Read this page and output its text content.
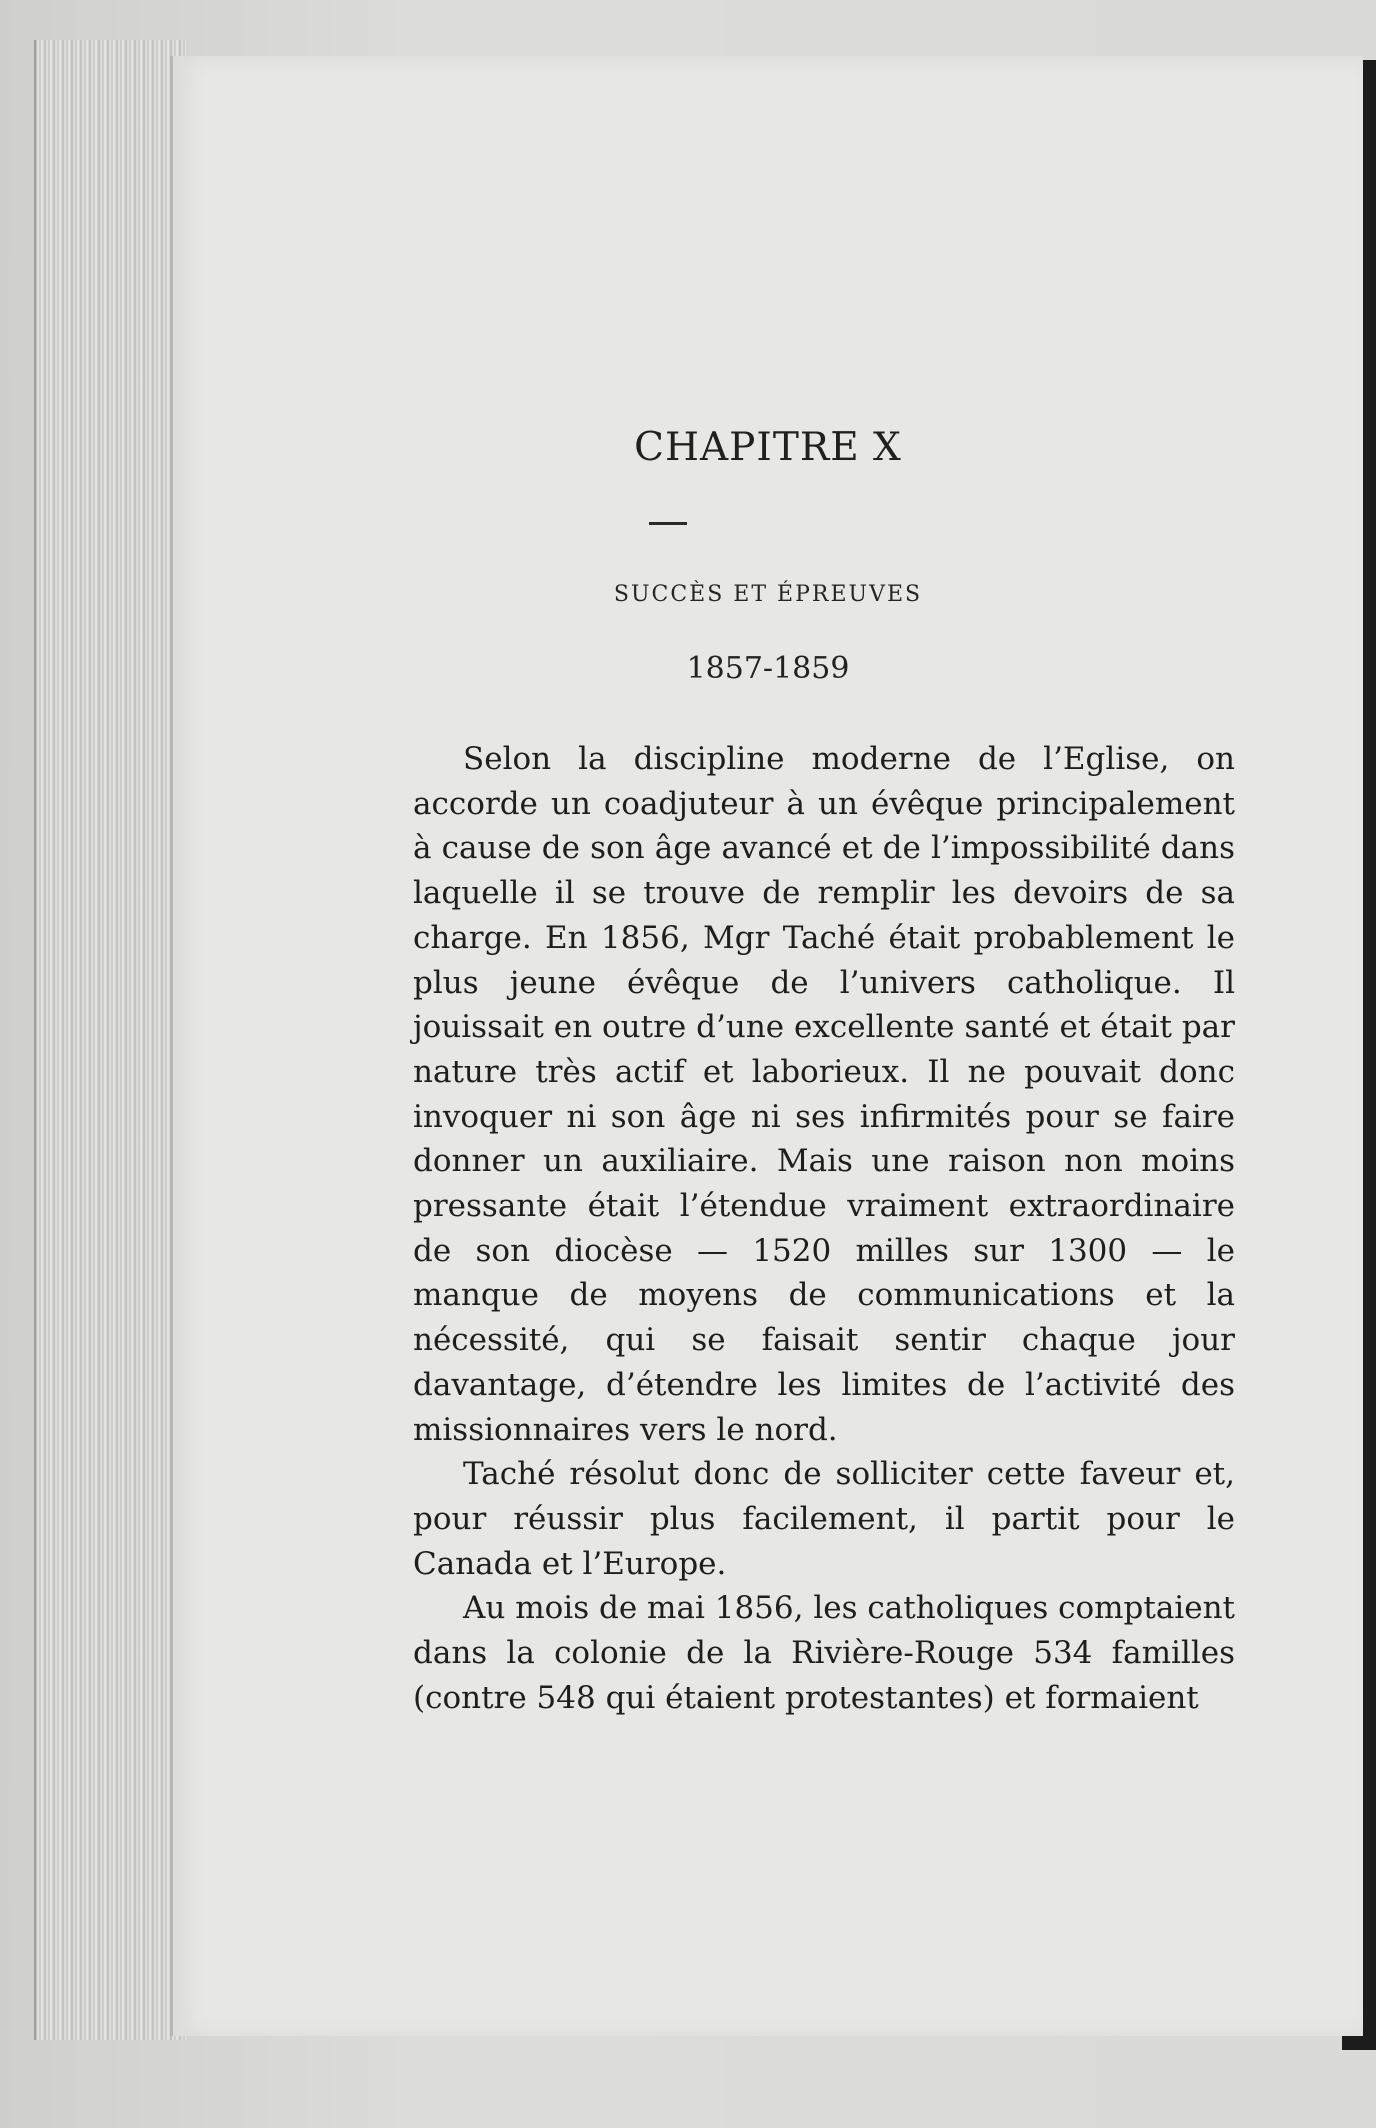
CHAPITRE X
SUCCÈS ET ÉPREUVES
1857-1859

Selon la discipline moderne de l’Eglise, on accorde un coadjuteur à un évêque principalement à cause de son âge avancé et de l’impossibilité dans laquelle il se trouve de remplir les devoirs de sa charge. En 1856, Mgr Taché était probablement le plus jeune évêque de l’univers catholique. Il jouissait en outre d’une excellente santé et était par nature très actif et laborieux. Il ne pouvait donc invoquer ni son âge ni ses infirmités pour se faire donner un auxiliaire. Mais une raison non moins pressante était l’étendue vraiment extraordinaire de son diocèse — 1520 milles sur 1300 — le manque de moyens de communications et la nécessité, qui se faisait sentir chaque jour davantage, d’étendre les limites de l’activité des missionnaires vers le nord.

Taché résolut donc de solliciter cette faveur et, pour réussir plus facilement, il partit pour le Canada et l’Europe.

Au mois de mai 1856, les catholiques comptaient dans la colonie de la Rivière-Rouge 534 familles (contre 548 qui étaient protestantes) et formaient
